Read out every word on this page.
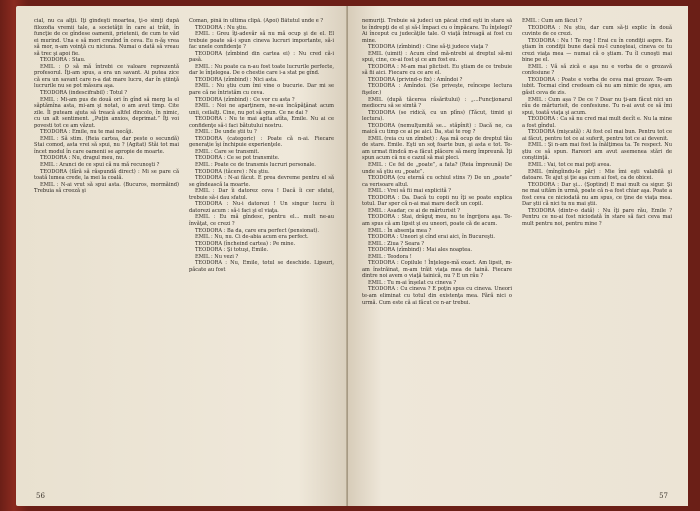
cial, nu ca alţii. Îţi gîndeşti moartea, ţi-o simţi după filozofia vremii tale, a societăţii în care ai trăit, în funcţie de ce gîndese oamenii, prietenii, de cum te văd ei murind. Una e să mori crezînd în ceva. Eu n-ăş vrea să mor, n-am voinţă cu niciuna. Numai o dată să vreau să trec şi apoi fie.

TEODORA : Stau.

EMIL : O să mă întrebi ce valoare reprezentă profesorul. Îţi-am spus, a era un savant. Ai putea zice că era un savant care n-a dat mare lucru, dar în ştiinţă lucrurile nu se pot măsura aşa.

TEODORA (indescifrabil) : Totul ?

EMIL : Mi-am pus de două ori în gînd să merg la el săptămîna asta, mi-am şi notat, o am avut timp. Cite zile. Îl puteam ajuta să treacă altfel dincolo, în nimic, cu un alt sentiment. „Puţin anxios, deprimat.” Îţi voi povesti tot ce am văzut.

TEODORA : Emile, nu te mai necăji.

EMIL : Să stim. (Reia cartea, dar peste o secundă) Stai comod, asta vrei să spui, nu ? (Agitat) Stăi tot mai încet modul în care oamenii se apropie de moarte.

TEODORA : Nu, dragul meu, nu.

EMIL : Aranci de ce spui că nu mă recunoşti ?

TEODORA (fără să răspundă direct) : Mi se pare că toată lumea crede, la mei la coală.

EMIL : N-ai vrut să spui asta. (Bucuros, mormăind) Trebuia să creeză şi

Coman, pînă în ultima clipă. (Apoi) Bătutul unde e ?

TEODORA : Nu ştiu.

EMIL : Greu îţi-adevăr să nu mă ocup şi de el. El trebuie poate să-i spun cineva lucruri importante, să-i fac unele confidenţe ?

TEODORA (zîmbind din cartea ei) : Nu cred că-i pasă.

EMIL : Nu poate ca n-au fost toate lucrurile perfecte, dar le înţelegea. De o chestie care i-a stat pe gînd.

TEODORA (zîmbind) : Nici asta.

EMIL : Nu ştiu cum îmi vine o bucurie. Dar mi se pare că ne întristăm cu ceva.

TEODORA (zîmbind) : Ce vor cu asta ?

EMIL : Noi ne aparţinem, ne-au încăpăţânat acum unii, ceilalţi. Cine, nu pot să spun. Ce ne dai ?

TEODORA : Nu te mai agita atîta, Emile. Nu ai ce confidenţe să-i faci bătutului nostru.

EMIL : De unde ştii tu ?

TEODORA (categoric) : Poate că n-ai. Fiecare generaţie îşi închipuie experienţele.

EMIL : Care se transmit.

TEODORA : Ce se pot transmite.

EMIL : Poate ce de transmis lucruri personale.

TEODORA (tăcere) : Nu ştiu.

TEODORA : N-ai făcut. E prea devreme pentru el să se gîndească la moarte.

EMIL : Dar îi datorez ceva ! Dacă îi cer sfatul, trebuie să-i dau sfatul.

TEODORA : Nu-i datorezi ! Un singur lucru îi datorezi acum : să-i faci şi el viaţa.

EMIL : Eu mă gîndesc, pentru el... mult ne-au învăţat, ce crezi ?

TEODORA : Ba da, care era perfect (pensionat).

EMIL : Nu, nu. Ci de-abia acum era perfect.

TEODORA (încheind cartea) : Pe mine.

TEODORA : Şi totuşi, Emile.

EMIL : Nu vezi ?

TEODORA : Nu, Emile, totul se deschide. Lipsuri, păcate au fost

56

nemuriţi. Trebuie să judeci un păcat cînd eşti în stare să te îndrepţi de el şi să-l împaci cu o împăcare. Tu înţelegi? Ai început cu judecăţile tale. O viaţă întreagă ai fost cu mine.

TEODORA (zîmbind) : Cine să-ţi judece viaţa ?

EMIL (uimit) : Acum cînd mă-ntrebi ai dreptul să-mi spui, cine, ce-ai fost şi ce am fost eu.

TEODORA : M-am mai plictisit. Eu ştiam de ce trebuie să fii aici. Fiecare cu ce are el.

TEODORA (privind-o fix) : Amîndoi ?

TEODORA : Amîndoi. (Se priveşte, reîncepe lectura fişelor.)

EMIL (după tăcerea răsăritului) : „...Funcţionarul mediocru să se simtă ?

TEODORA (se ridică, cu un plîns) (Tăcut, timid şi lectura).

TEODORA (nemulţumită se... stăpînit) : Dacă ne, ca maică cu timp ce ai pe aici. Da, stai te rog ?

EMIL (reia cu un zîmbet) : Aşa mă ocup de dreptul tău de stare. Emile. Eşti un soţ foarte bun, şi asta e tot. Te-am urmat fiindcă m-a făcut plăcere să merg împreună. Îţi spun acum că nu e cazul să mai pleci.

EMIL : Ce fel de „poate”, a fata? (Reia împreună) De unde să ştiu eu „poate”.

TEODORA (cu eternă cu ochiul stins ?) De un „poate” ca verisoare altul.

EMIL : Vrei să fii mai explicită ?

TEODORA : Da. Dacă tu copii nu îţi se poate explica totul. Dar sper că n-ai mai mare decît un copil.

EMIL : Asadar, ce ai de mărturisit ?

TEODORA : Stai, drăguţ meu, nu te îngrijora aşa. Te-am spus că am lipsit şi eu uneori, poate că de acum.

EMIL : În absenţa mea ?

TEODORA : Uneori şi cînd erai aici, în Bucureşti.

EMIL : Ziua ? Seara ?

TEODORA (zîmbind) : Mai ales noaptea.

EMIL : Teodora !

TEODORA : Copilule ! Înţelege-mă exact. Am lipsit, m-am înstrăinat, m-am trăit viaţa mea de taină. Fiecare dintre noi avem o viaţă tainică, nu ? E un rău ?

EMIL : Tu m-ai înşelat cu cineva ?

TEODORA : Cu cineva ? E poţin spus cu cineva. Uneori te-am eliminat cu totul din existenţa mea. Fără nici o urmă. Cum este că ai făcut ce n-ar trebui.

EMIL : Cum am făcut ?

TEODORA : Nu știu, dar cum să-ți explic în două cuvinte de ce crezi.

TEODORA : Nu ! Te rog ! Erai cu în condiţii aspre. Ea ştiam în condiţii bune dacă nu-l cunoşteai, cineva ce tu crezi viaţa mea — numai că o ştiam. Tu îl cunoşti mai bine pe el.

EMIL : Vă să zică e aşa nu e vorba de o grozavă confesiune ?

TEODORA : Poate e vorba de ceva mai grozav. Te-am iubit. Tocmai cînd credeam că nu am nimic de spus, am găsit ceva de zis.

EMIL : Cum așa ? De ce ? Doar nu ţi-am făcut nici un rău de mărturisit, de confesiune. Tu n-ai avut ce să îmi spui, toată viaţa şi acum.

TEODORA : Ca să nu cred mai mult decît e. Nu la mine a fost gîndul.

TEODORA (mişcată) : Ai fost cel mai bun. Pentru tot ce ai făcut, pentru tot ce ai suferit, pentru tot ce ai devenit.

EMIL : Şi n-am mai fost la înălţimea ta. Te respect. Nu ştiu ce să spun. Rareori am avut asemenea stări de conştiinţă.

EMIL : Vai, tot ce mai poţi avea.

EMIL (mîngîindu-le păr) : Mie îmi eşti valabilă şi datoare. Te ajut şi ţie aşa cum ai fost, ca de obicei.

TEODORA : Dar şi... (Şoptind) E mai mult ca sigur. Şi ne mai uităm în urmă, poate că n-a fost chiar aşa. Poate a fost ceva ce niciodată nu am spus, ce ţine de viaţa mea. Dar ştii că nici tu nu mai ştii.

TEODORA (dintr-o dată) : Nu îţi pare rău, Emile ? Pentru ce nu-ai fost niciodată în stare să faci ceva mai mult pentru noi, pentru mine ?

57
